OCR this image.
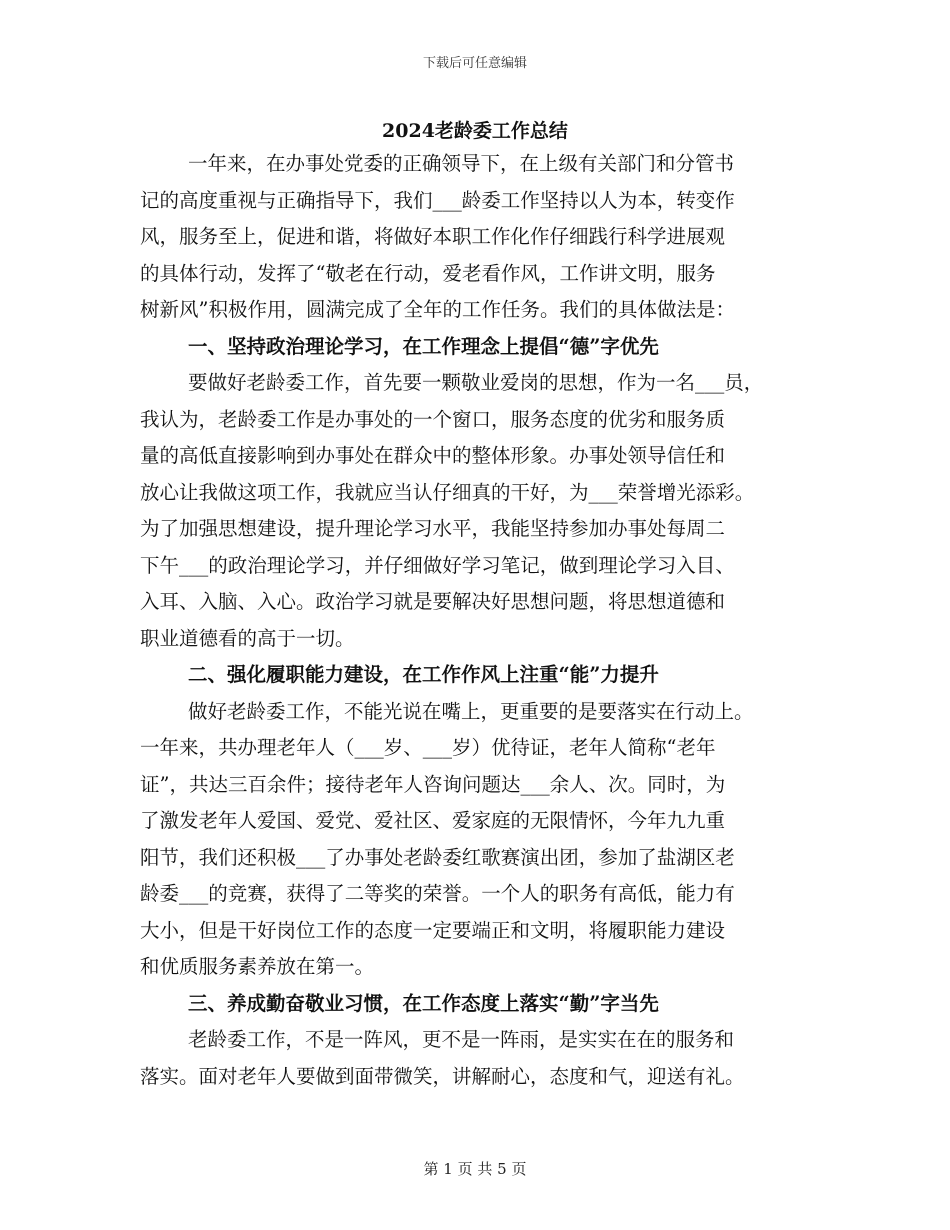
下载后可任意编辑
2024老龄委工作总结
一年来，在办事处党委的正确领导下，在上级有关部门和分管书
记的高度重视与正确指导下，我们___龄委工作坚持以人为本，转变作
风，服务至上，促进和谐，将做好本职工作化作仔细践行科学进展观
的具体行动，发挥了“敬老在行动，爱老看作风，工作讲文明，服务
树新风”积极作用，圆满完成了全年的工作任务。我们的具体做法是：
一、坚持政治理论学习，在工作理念上提倡“德”字优先
要做好老龄委工作，首先要一颗敬业爱岗的思想，作为一名___员，
我认为，老龄委工作是办事处的一个窗口，服务态度的优劣和服务质
量的高低直接影响到办事处在群众中的整体形象。办事处领导信任和
放心让我做这项工作，我就应当认仔细真的干好，为___荣誉增光添彩。
为了加强思想建设，提升理论学习水平，我能坚持参加办事处每周二
下午___的政治理论学习，并仔细做好学习笔记，做到理论学习入目、
入耳、入脑、入心。政治学习就是要解决好思想问题，将思想道德和
职业道德看的高于一切。
二、强化履职能力建设，在工作作风上注重“能”力提升
做好老龄委工作，不能光说在嘴上，更重要的是要落实在行动上。
一年来，共办理老年人（___岁、___岁）优待证，老年人简称“老年
证”，共达三百余件；接待老年人咨询问题达___余人、次。同时，为
了激发老年人爱国、爱党、爱社区、爱家庭的无限情怀，今年九九重
阳节，我们还积极___了办事处老龄委红歌赛演出团，参加了盐湖区老
龄委___的竞赛，获得了二等奖的荣誉。一个人的职务有高低，能力有
大小，但是干好岗位工作的态度一定要端正和文明，将履职能力建设
和优质服务素养放在第一。
三、养成勤奋敬业习惯，在工作态度上落实“勤”字当先
老龄委工作，不是一阵风，更不是一阵雨，是实实在在的服务和
落实。面对老年人要做到面带微笑，讲解耐心，态度和气，迎送有礼。
第 1 页 共 5 页
